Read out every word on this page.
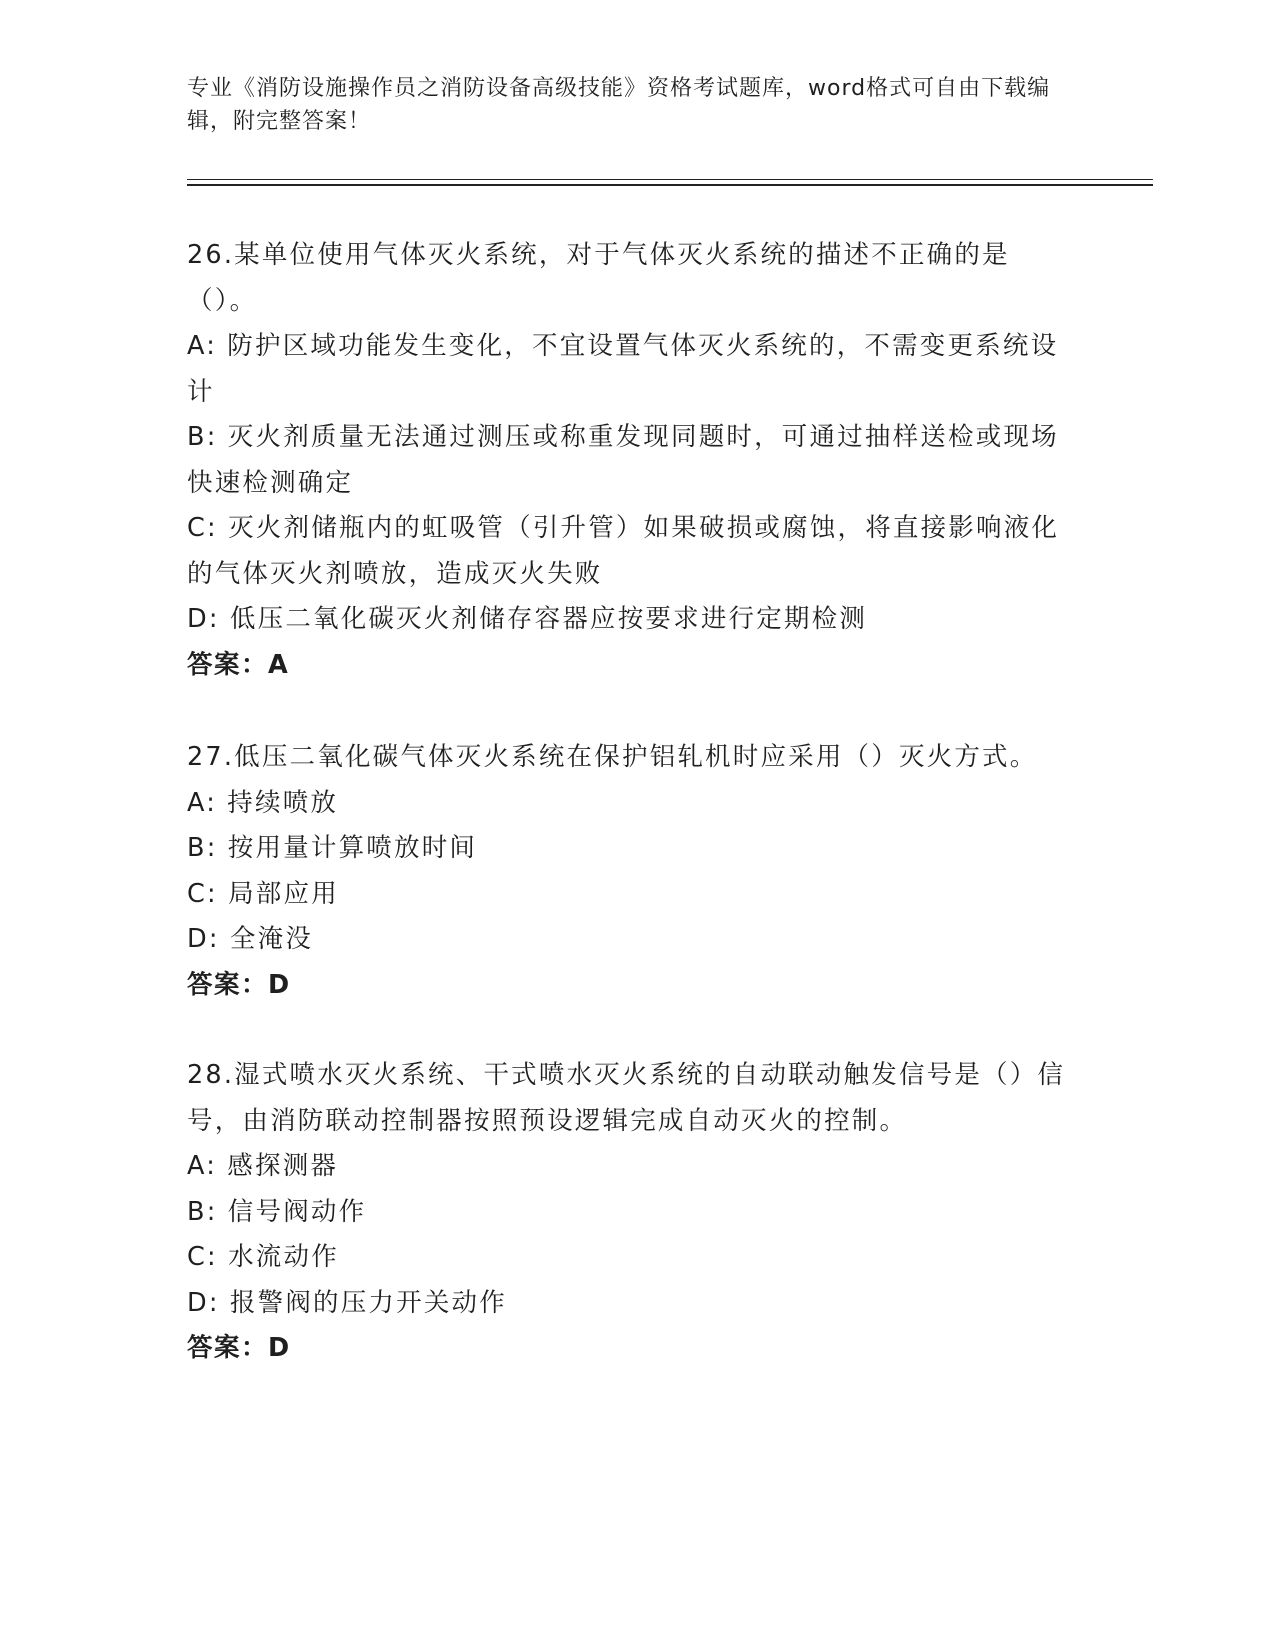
专业《消防设施操作员之消防设备高级技能》资格考试题库，word格式可自由下载编辑，附完整答案！

26.某单位使用气体灭火系统，对于气体灭火系统的描述不正确的是（）。

A: 防护区域功能发生变化，不宜设置气体灭火系统的，不需变更系统设计

B: 灭火剂质量无法通过测压或称重发现同题时，可通过抽样送检或现场快速检测确定

C: 灭火剂储瓶内的虹吸管（引升管）如果破损或腐蚀，将直接影响液化的气体灭火剂喷放，造成灭火失败

D: 低压二氧化碳灭火剂储存容器应按要求进行定期检测

答案：A

27.低压二氧化碳气体灭火系统在保护铝轧机时应采用（）灭火方式。

A: 持续喷放

B: 按用量计算喷放时间

C: 局部应用

D: 全淹没

答案：D

28.湿式喷水灭火系统、干式喷水灭火系统的自动联动触发信号是（）信号，由消防联动控制器按照预设逻辑完成自动灭火的控制。

A: 感探测器

B: 信号阀动作

C: 水流动作

D: 报警阀的压力开关动作

答案：D
